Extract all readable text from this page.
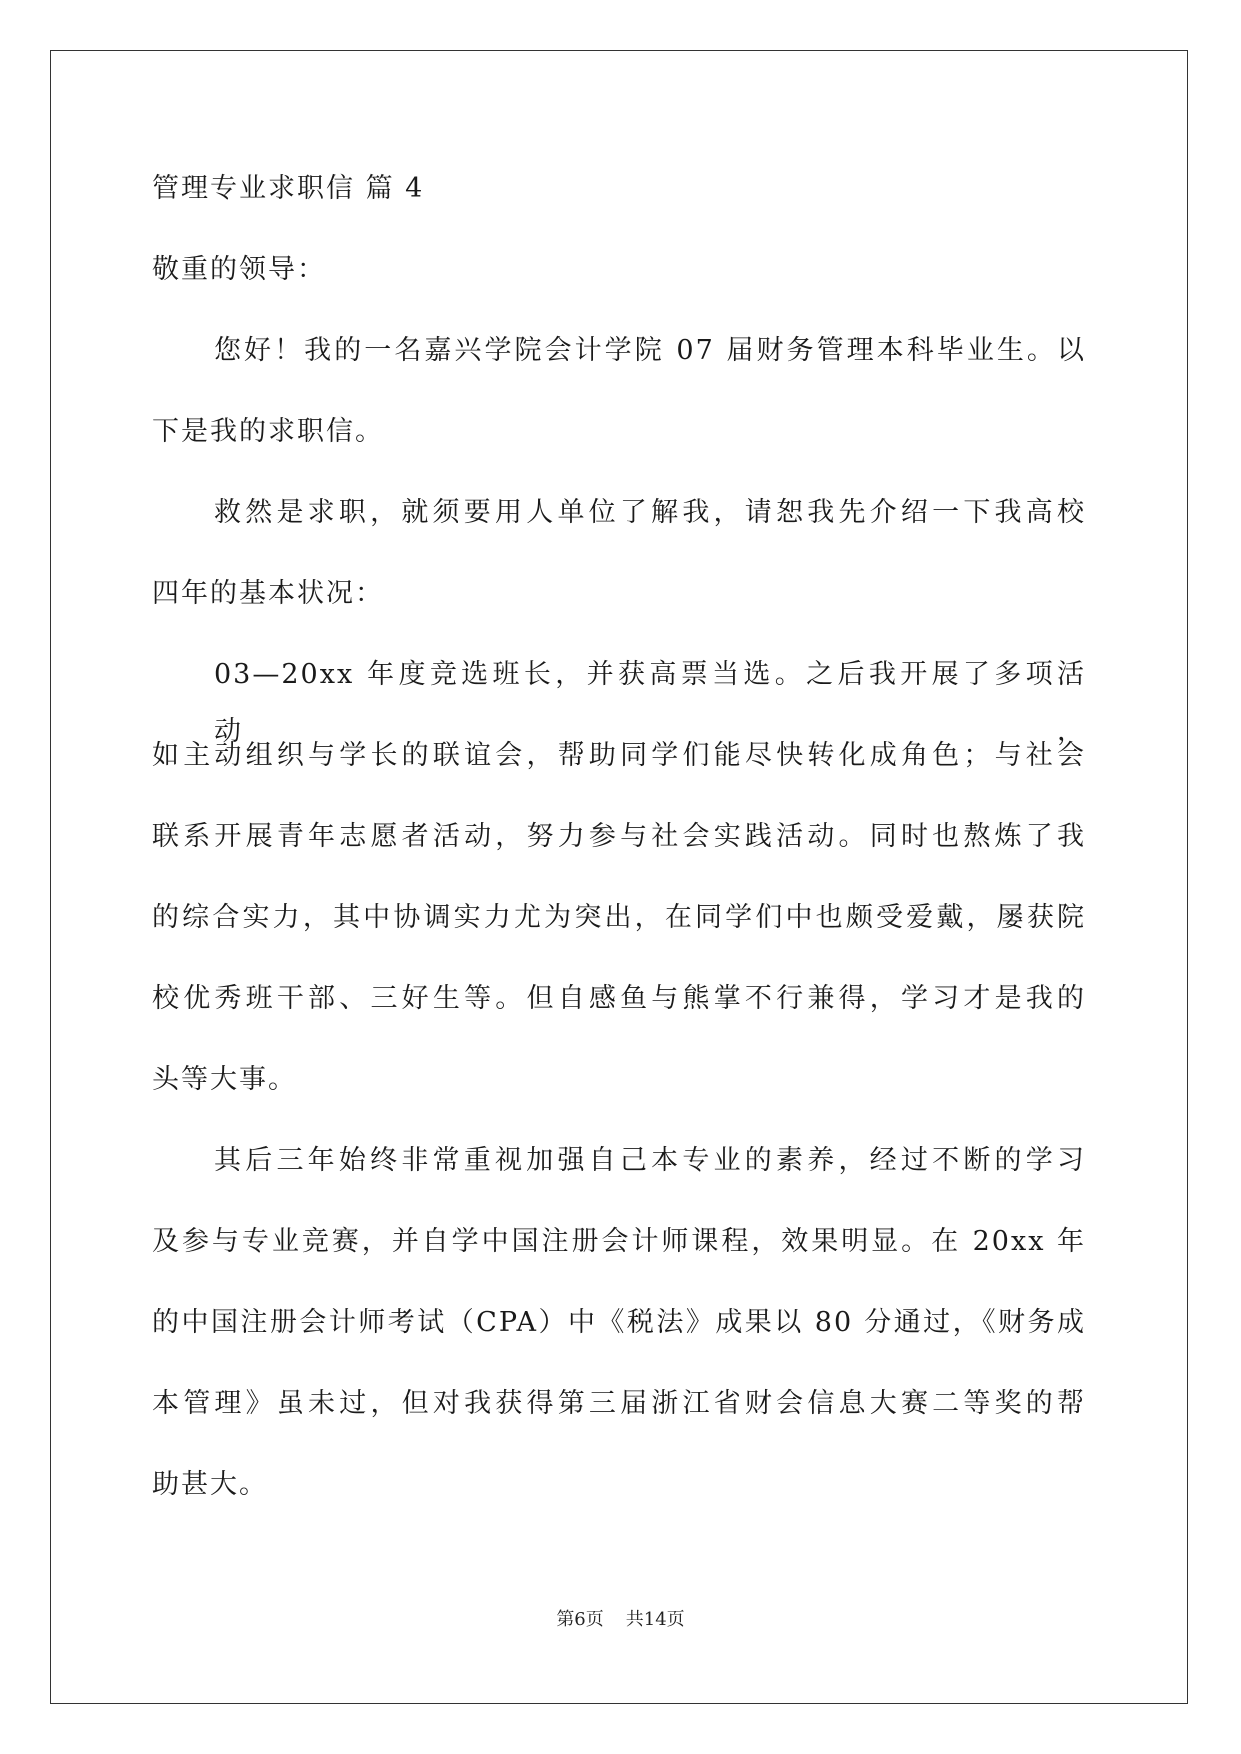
管理专业求职信 篇 4
敬重的领导：
您好！我的一名嘉兴学院会计学院 07 届财务管理本科毕业生。以
下是我的求职信。
救然是求职，就须要用人单位了解我，请恕我先介绍一下我高校
四年的基本状况：
03—20xx 年度竞选班长，并获高票当选。之后我开展了多项活动，
如主动组织与学长的联谊会，帮助同学们能尽快转化成角色；与社会
联系开展青年志愿者活动，努力参与社会实践活动。同时也熬炼了我
的综合实力，其中协调实力尤为突出，在同学们中也颇受爱戴，屡获院
校优秀班干部、三好生等。但自感鱼与熊掌不行兼得，学习才是我的
头等大事。
其后三年始终非常重视加强自己本专业的素养，经过不断的学习
及参与专业竞赛，并自学中国注册会计师课程，效果明显。在 20xx 年
的中国注册会计师考试（CPA）中《税法》成果以 80 分通过，《财务成
本管理》虽未过，但对我获得第三届浙江省财会信息大赛二等奖的帮
助甚大。
第6页 共14页
